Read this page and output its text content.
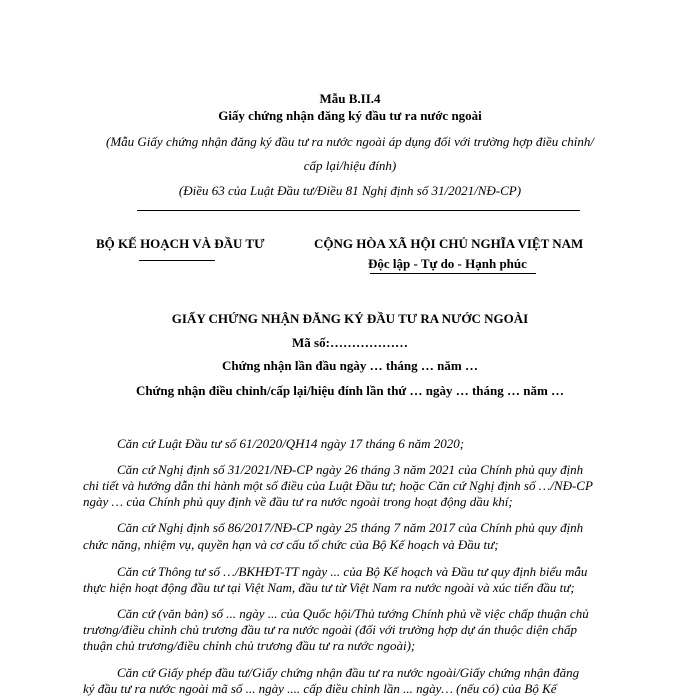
Mẫu B.II.4
Giấy chứng nhận đăng ký đầu tư ra nước ngoài
(Mẫu Giấy chứng nhận đăng ký đầu tư ra nước ngoài áp dụng đối với trường hợp điều chỉnh/
cấp lại/hiệu đính)
(Điều 63 của Luật Đầu tư/Điều 81 Nghị định số 31/2021/NĐ-CP)
BỘ KẾ HOẠCH VÀ ĐẦU TƯ	CỘNG HÒA XÃ HỘI CHỦ NGHĨA VIỆT NAM
Độc lập - Tự do - Hạnh phúc
GIẤY CHỨNG NHẬN ĐĂNG KÝ ĐẦU TƯ RA NƯỚC NGOÀI
Mã số:………………
Chứng nhận lần đầu ngày … tháng … năm …
Chứng nhận điều chỉnh/cấp lại/hiệu đính lần thứ … ngày … tháng … năm …
Căn cứ Luật Đầu tư số 61/2020/QH14 ngày 17 tháng 6 năm 2020;
Căn cứ Nghị định số 31/2021/NĐ-CP ngày 26 tháng 3 năm 2021 của Chính phủ quy định
chi tiết và hướng dẫn thi hành một số điều của Luật Đầu tư; hoặc Căn cứ Nghị định số …/NĐ-CP
ngày … của Chính phủ quy định về đầu tư ra nước ngoài trong hoạt động dầu khí;
Căn cứ Nghị định số 86/2017/NĐ-CP ngày 25 tháng 7 năm 2017 của Chính phủ quy định
chức năng, nhiệm vụ, quyền hạn và cơ cấu tổ chức của Bộ Kế hoạch và Đầu tư;
Căn cứ Thông tư số …/BKHĐT-TT ngày ... của Bộ Kế hoạch và Đầu tư quy định biểu mẫu
thực hiện hoạt động đầu tư tại Việt Nam, đầu tư từ Việt Nam ra nước ngoài và xúc tiến đầu tư;
Căn cứ (văn bản) số ... ngày ... của Quốc hội/Thủ tướng Chính phủ về việc chấp thuận chủ
trương/điều chỉnh chủ trương đầu tư ra nước ngoài (đối với trường hợp dự án thuộc diện chấp
thuận chủ trương/điều chỉnh chủ trương đầu tư ra nước ngoài);
Căn cứ Giấy phép đầu tư/Giấy chứng nhận đầu tư ra nước ngoài/Giấy chứng nhận đăng
ký đầu tư ra nước ngoài mã số ... ngày .... cấp điều chỉnh lần ... ngày… (nếu có) của Bộ Kế
